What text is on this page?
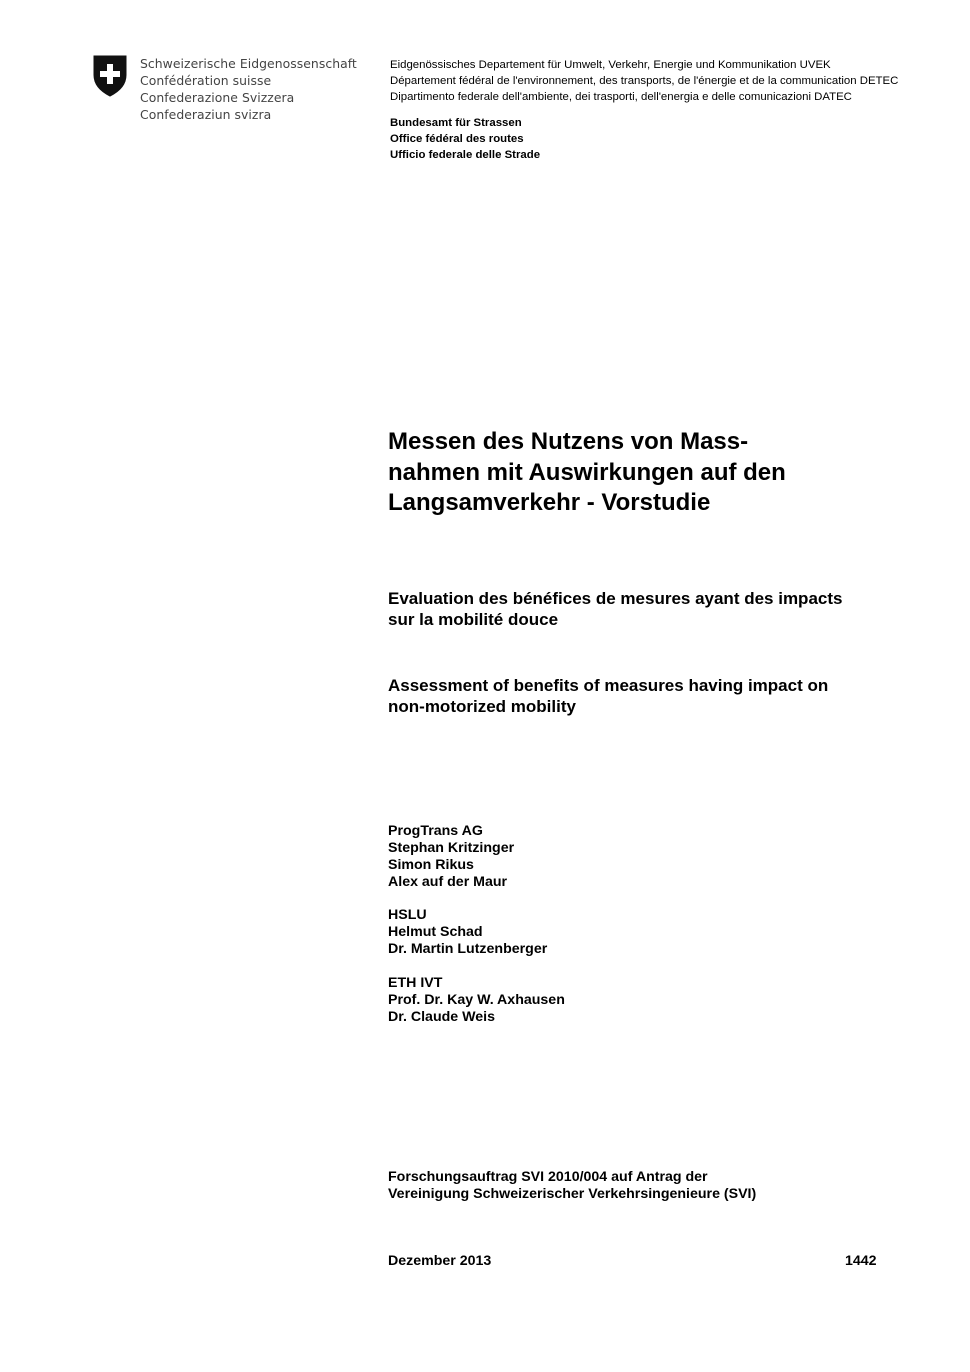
Schweizerische Eidgenossenschaft
Confédération suisse
Confederazione Svizzera
Confederaziun svizra
Eidgenössisches Departement für Umwelt, Verkehr, Energie und Kommunikation UVEK
Département fédéral de l'environnement, des transports, de l'énergie et de la communication DETEC
Dipartimento federale dell'ambiente, dei trasporti, dell'energia e delle comunicazioni DATEC
Bundesamt für Strassen
Office fédéral des routes
Ufficio federale delle Strade
Messen des Nutzens von Mass-
nahmen mit Auswirkungen auf den
Langsamverkehr - Vorstudie
Evaluation des bénéfices de mesures ayant des impacts
sur la mobilité douce
Assessment of benefits of measures having impact on
non-motorized mobility
ProgTrans AG
Stephan Kritzinger
Simon Rikus
Alex auf der Maur
HSLU
Helmut Schad
Dr. Martin Lutzenberger
ETH IVT
Prof. Dr. Kay W. Axhausen
Dr. Claude Weis
Forschungsauftrag SVI 2010/004 auf Antrag der
Vereinigung Schweizerischer Verkehrsingenieure (SVI)
Dezember 2013	1442
